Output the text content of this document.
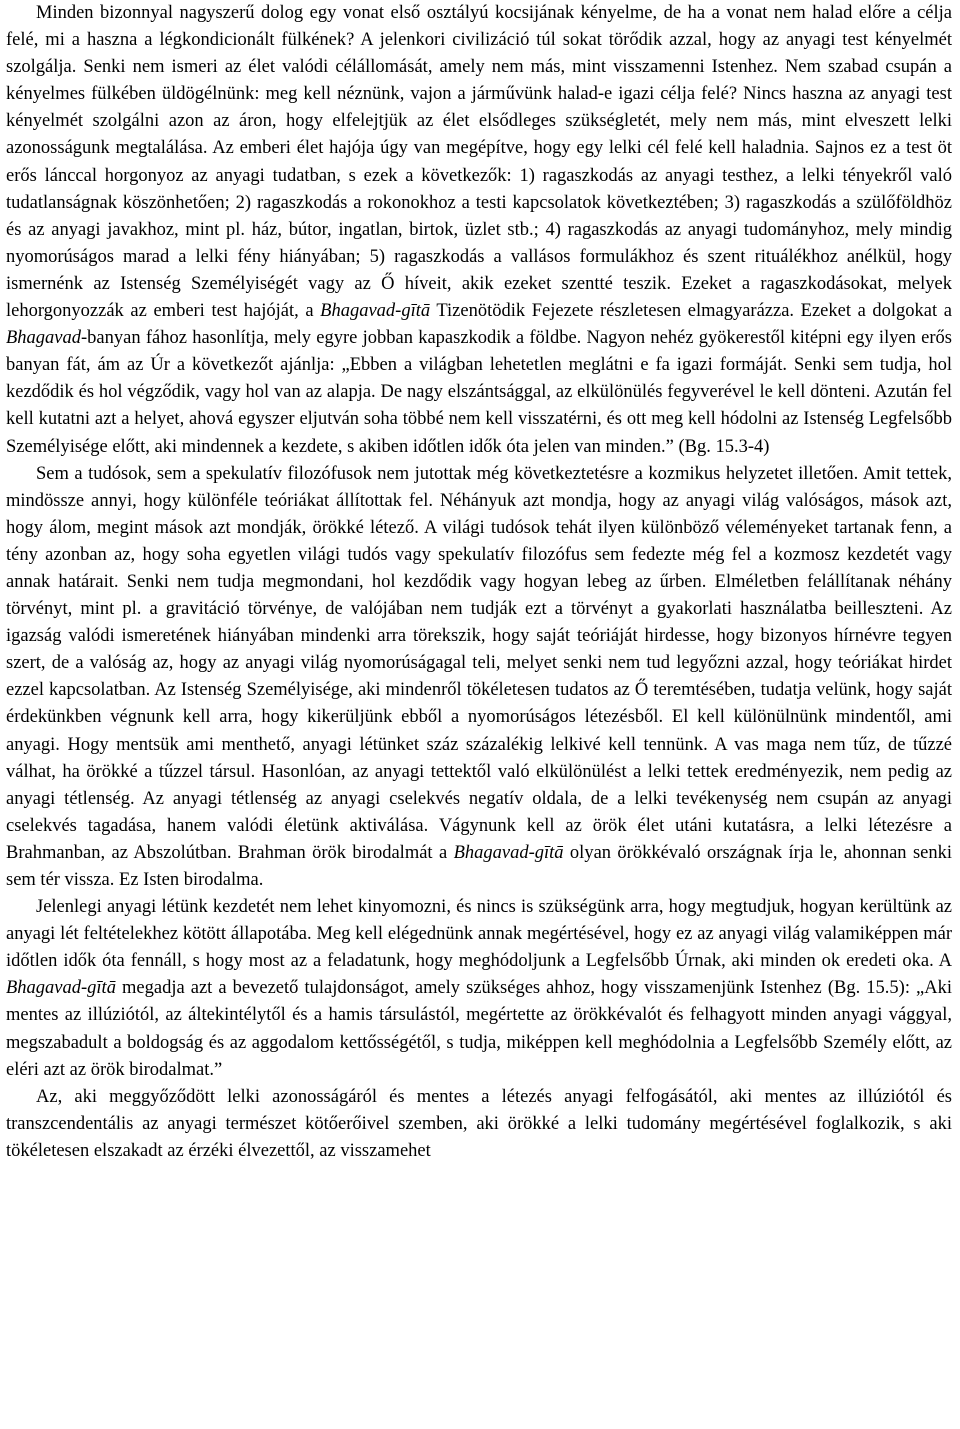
Minden bizonnyal nagyszerű dolog egy vonat első osztályú kocsijának kényelme, de ha a vonat nem halad előre a célja felé, mi a haszna a légkondicionált fülkének? A jelenkori civilizáció túl sokat törődik azzal, hogy az anyagi test kényelmét szolgálja. Senki nem ismeri az élet valódi célállomását, amely nem más, mint visszamenni Istenhez. Nem szabad csupán a kényelmes fülkében üldögélnünk: meg kell néznünk, vajon a járművünk halad-e igazi célja felé? Nincs haszna az anyagi test kényelmét szolgálni azon az áron, hogy elfelejtjük az élet elsődleges szükségletét, mely nem más, mint elveszett lelki azonosságunk megtalálása. Az emberi élet hajója úgy van megépítve, hogy egy lelki cél felé kell haladnia. Sajnos ez a test öt erős lánccal horgonyoz az anyagi tudatban, s ezek a következők: 1) ragaszkodás az anyagi testhez, a lelki tényekről való tudatlanságnak köszönhetően; 2) ragaszkodás a rokonokhoz a testi kapcsolatok következtében; 3) ragaszkodás a szülőföldhöz és az anyagi javakhoz, mint pl. ház, bútor, ingatlan, birtok, üzlet stb.; 4) ragaszkodás az anyagi tudományhoz, mely mindig nyomorúságos marad a lelki fény hiányában; 5) ragaszkodás a vallásos formulákhoz és szent rituálékhoz anélkül, hogy ismernénk az Istenség Személyiségét vagy az Ő híveit, akik ezeket szentté teszik. Ezeket a ragaszkodásokat, melyek lehorgonyozzák az emberi test hajóját, a Bhagavad-gītā Tizenötödik Fejezete részletesen elmagyarázza. Ezeket a dolgokat a Bhagavad-banyan fához hasonlítja, mely egyre jobban kapaszkodik a földbe. Nagyon nehéz gyökerestől kitépni egy ilyen erős banyan fát, ám az Úr a következőt ajánlja: „Ebben a világban lehetetlen meglátni e fa igazi formáját. Senki sem tudja, hol kezdődik és hol végződik, vagy hol van az alapja. De nagy elszántsággal, az elkülönülés fegyverével le kell dönteni. Azután fel kell kutatni azt a helyet, ahová egyszer eljutván soha többé nem kell visszatérni, és ott meg kell hódolni az Istenség Legfelsőbb Személyisége előtt, aki mindennek a kezdete, s akiben időtlen idők óta jelen van minden.” (Bg. 15.3-4)

Sem a tudósok, sem a spekulatív filozófusok nem jutottak még következtetésre a kozmikus helyzetet illetően. Amit tettek, mindössze annyi, hogy különféle teóriákat állítottak fel. Néhányuk azt mondja, hogy az anyagi világ valóságos, mások azt, hogy álom, megint mások azt mondják, örökké létező. A világi tudósok tehát ilyen különböző véleményeket tartanak fenn, a tény azonban az, hogy soha egyetlen világi tudós vagy spekulatív filozófus sem fedezte még fel a kozmosz kezdetét vagy annak határait. Senki nem tudja megmondani, hol kezdődik vagy hogyan lebeg az űrben. Elméletben felállítanak néhány törvényt, mint pl. a gravitáció törvénye, de valójában nem tudják ezt a törvényt a gyakorlati használatba beilleszteni. Az igazság valódi ismeretének hiányában mindenki arra törekszik, hogy saját teóriáját hirdesse, hogy bizonyos hírnévre tegyen szert, de a valóság az, hogy az anyagi világ nyomorúságagal teli, melyet senki nem tud legyőzni azzal, hogy teóriákat hirdet ezzel kapcsolatban. Az Istenség Személyisége, aki mindenről tökéletesen tudatos az Ő teremtésében, tudatja velünk, hogy saját érdekünkben végnunk kell arra, hogy kikerüljünk ebből a nyomorúságos létezésből. El kell különülnünk mindentől, ami anyagi. Hogy mentsük ami menthető, anyagi létünket száz százalékig lelkivé kell tennünk. A vas maga nem tűz, de tűzzé válhat, ha örökké a tűzzel társul. Hasonlóan, az anyagi tettektől való elkülönülést a lelki tettek eredményezik, nem pedig az anyagi tétlenség. Az anyagi tétlenség az anyagi cselekvés negatív oldala, de a lelki tevékenység nem csupán az anyagi cselekvés tagadása, hanem valódi életünk aktiválása. Vágynunk kell az örök élet utáni kutatásra, a lelki létezésre a Brahmanban, az Abszolútban. Brahman örök birodalmát a Bhagavad-gītā olyan örökkévaló országnak írja le, ahonnan senki sem tér vissza. Ez Isten birodalma.

Jelenlegi anyagi létünk kezdetét nem lehet kinyomozni, és nincs is szükségünk arra, hogy megtudjuk, hogyan kerültünk az anyagi lét feltételekhez kötött állapotába. Meg kell elégednünk annak megértésével, hogy ez az anyagi világ valamiképpen már időtlen idők óta fennáll, s hogy most az a feladatunk, hogy meghódoljunk a Legfelsőbb Úrnak, aki minden ok eredeti oka. A Bhagavad-gītā megadja azt a bevezető tulajdonságot, amely szükséges ahhoz, hogy visszamenjünk Istenhez (Bg. 15.5): „Aki mentes az illúziótól, az áltekintélytől és a hamis társulástól, megértette az örökkévalót és felhagyott minden anyagi vággyal, megszabadult a boldogság és az aggodalom kettősségétől, s tudja, miképpen kell meghódolnia a Legfelsőbb Személy előtt, az eléri azt az örök birodalmat.”

Az, aki meggyőződött lelki azonosságáról és mentes a létezés anyagi felfogásától, aki mentes az illúziótól és transzcendentális az anyagi természet kötőerőivel szemben, aki örökké a lelki tudomány megértésével foglalkozik, s aki tökéletesen elszakadt az érzéki élvezettől, az visszamehet
